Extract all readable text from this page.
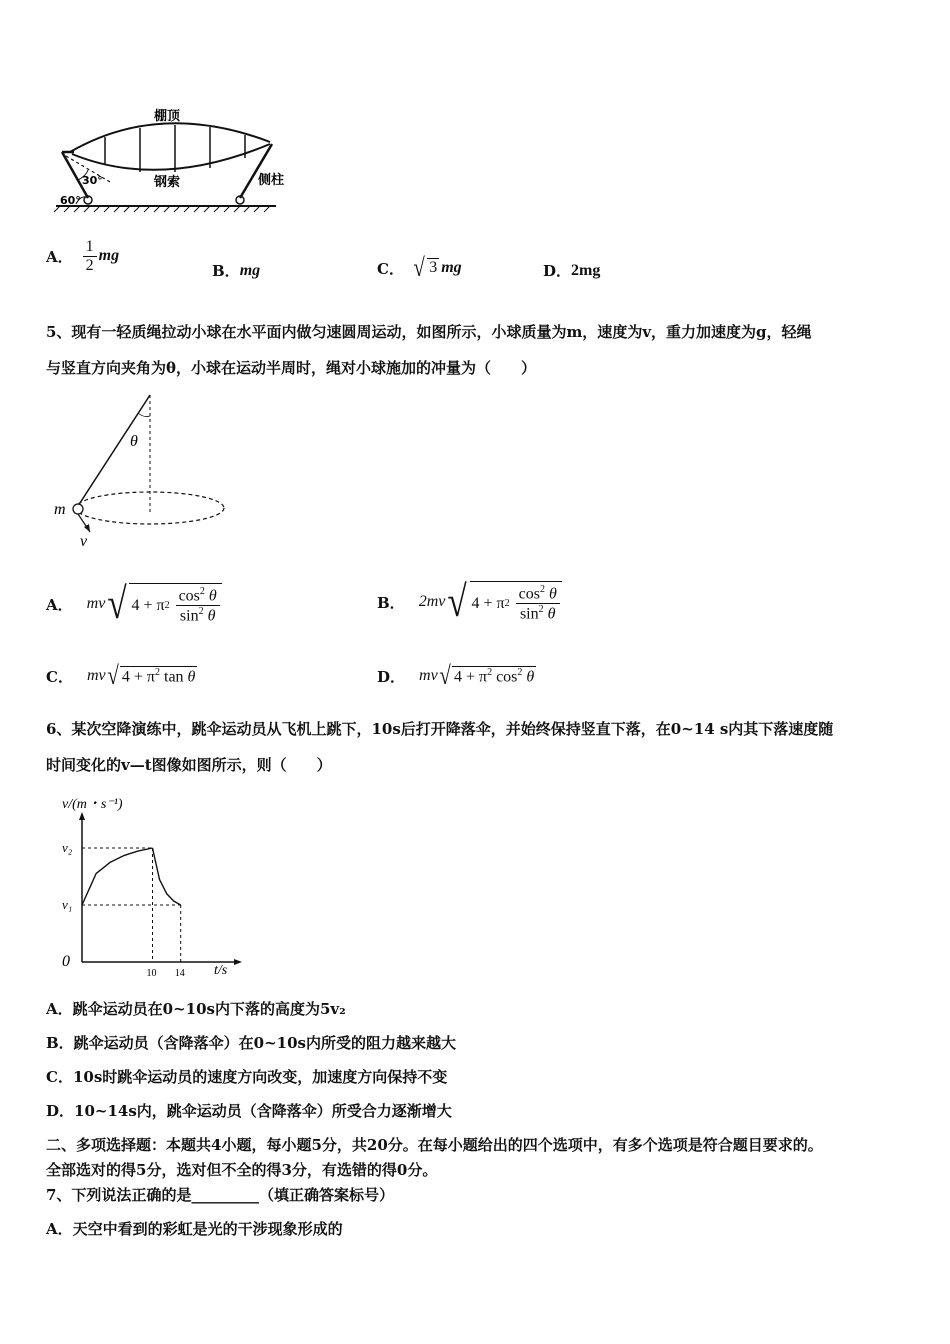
棚顶
钢索	侧柱
30°
60°
A． $\frac{1}{2}$ mg
B． mg	C． √ 3 mg	D． 2mg
5、现有一轻质绳拉动小球在水平面内做匀速圆周运动，如图所示，小球质量为m，速度为v，重力加速度为g，轻绳
与竖直方向夹角为θ，小球在运动半周时，绳对小球施加的冲量为（　　）
θ
m
v
A． mv √ 4 + π $2 \frac{\cos^2 \theta}{\sin^2 \theta}$	B． 2mv √ 4 + π $2 \frac{\cos^2 \theta}{\sin^2 \theta}$
C． mv √ $4 + \pi^2$ tan θ	D． mv √ $4 + \pi^2$ $\cos^2 \theta$
6、某次空降演练中，跳伞运动员从飞机上跳下，10s后打开降落伞，并始终保持竖直下落，在0~14 s内其下落速度随
时间变化的v—t图像如图所示，则（　　）
v/(m・s⁻¹)
0
t/s
10 14
v₁
v₂
A．跳伞运动员在0~10s内下落的高度为5v₂
B．跳伞运动员（含降落伞）在0~10s内所受的阻力越来越大
C．10s时跳伞运动员的速度方向改变，加速度方向保持不变
D．10~14s内，跳伞运动员（含降落伞）所受合力逐渐增大
二、多项选择题：本题共4小题，每小题5分，共20分。在每小题给出的四个选项中，有多个选项是符合题目要求的。
全部选对的得5分，选对但不全的得3分，有选错的得0分。
7、下列说法正确的是_________（填正确答案标号）
A．天空中看到的彩虹是光的干涉现象形成的
